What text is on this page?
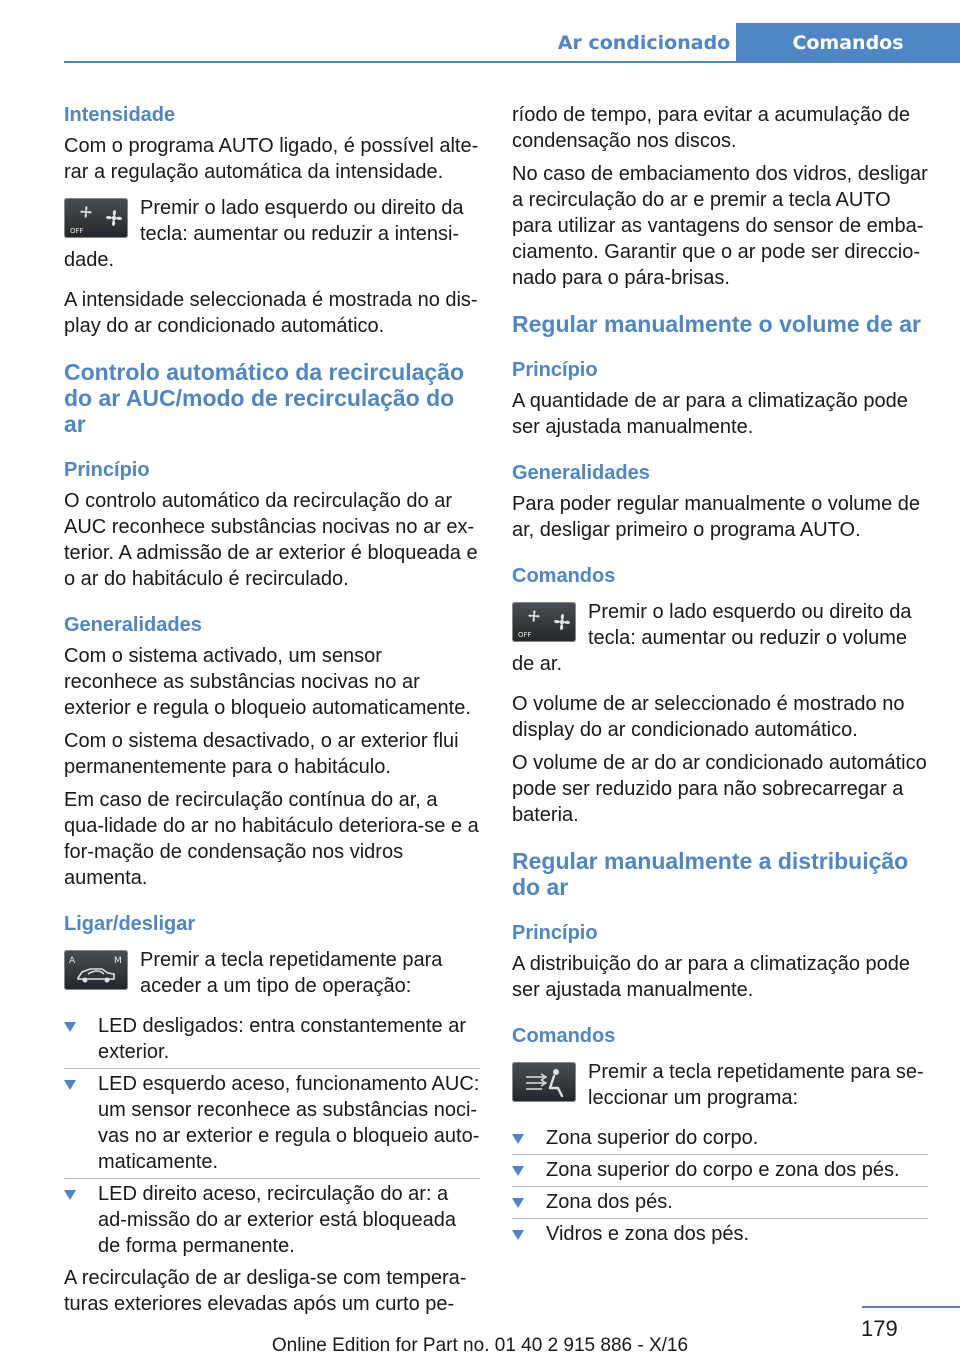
Ar condicionado	Comandos
Intensidade
Com o programa AUTO ligado, é possível alte-rar a regulação automática da intensidade.
OFF
Premir o lado esquerdo ou direito da tecla: aumentar ou reduzir a intensi-dade.
A intensidade seleccionada é mostrada no dis-play do ar condicionado automático.
Controlo automático da recirculação do ar AUC/modo de recirculação do ar
Princípio
O controlo automático da recirculação do ar AUC reconhece substâncias nocivas no ar ex-terior. A admissão de ar exterior é bloqueada e o ar do habitáculo é recirculado.
Generalidades
Com o sistema activado, um sensor reconhece as substâncias nocivas no ar exterior e regula o bloqueio automaticamente.
Com o sistema desactivado, o ar exterior flui permanentemente para o habitáculo.
Em caso de recirculação contínua do ar, a qua-lidade do ar no habitáculo deteriora-se e a for-mação de condensação nos vidros aumenta.
Ligar/desligar
A	M Premir a tecla repetidamente para aceder a um tipo de operação:
LED desligados: entra constantemente ar exterior.
LED esquerdo aceso, funcionamento AUC: um sensor reconhece as substâncias noci-vas no ar exterior e regula o bloqueio auto-maticamente.
LED direito aceso, recirculação do ar: a ad-missão do ar exterior está bloqueada de forma permanente.
A recirculação de ar desliga-se com tempera-turas exteriores elevadas após um curto pe-
ríodo de tempo, para evitar a acumulação de condensação nos discos.
No caso de embaciamento dos vidros, desligar a recirculação do ar e premir a tecla AUTO para utilizar as vantagens do sensor de emba-ciamento. Garantir que o ar pode ser direccio-nado para o pára-brisas.
Regular manualmente o volume de ar
Princípio
A quantidade de ar para a climatização pode ser ajustada manualmente.
Generalidades
Para poder regular manualmente o volume de ar, desligar primeiro o programa AUTO.
Comandos
OFF
Premir o lado esquerdo ou direito da tecla: aumentar ou reduzir o volume de ar.
O volume de ar seleccionado é mostrado no display do ar condicionado automático.
O volume de ar do ar condicionado automático pode ser reduzido para não sobrecarregar a bateria.
Regular manualmente a distribuição do ar
Princípio
A distribuição do ar para a climatização pode ser ajustada manualmente.
Comandos
Premir a tecla repetidamente para se-leccionar um programa:
Zona superior do corpo.
Zona superior do corpo e zona dos pés.
Zona dos pés.
Vidros e zona dos pés.
179
Online Edition for Part no. 01 40 2 915 886 - X/16
